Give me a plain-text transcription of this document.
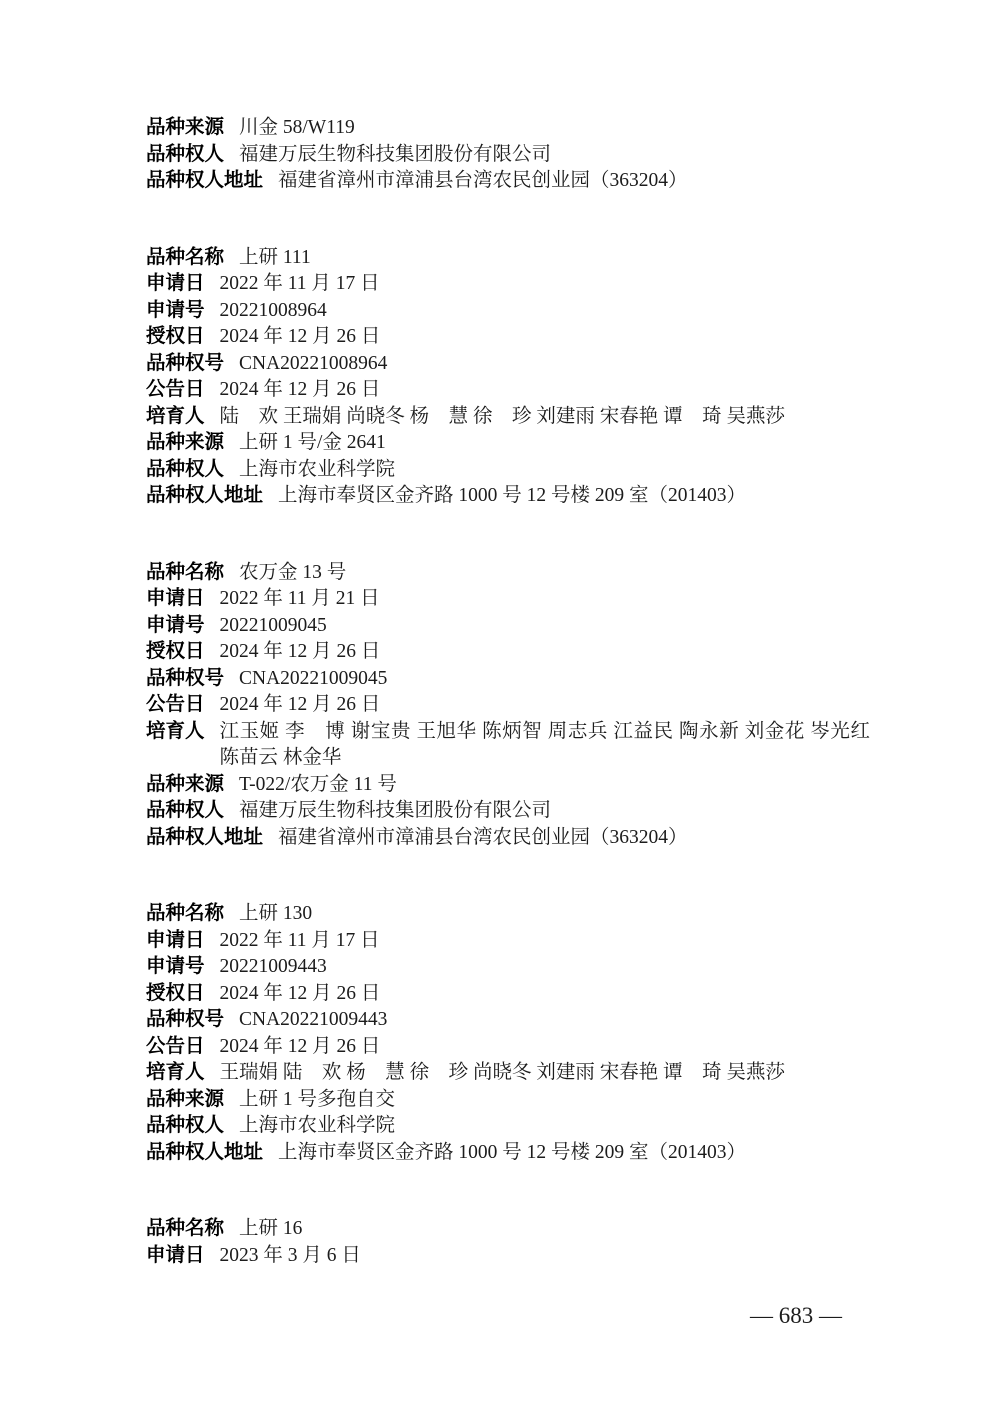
品种来源 川金 58/W119
品种权人 福建万辰生物科技集团股份有限公司
品种权人地址 福建省漳州市漳浦县台湾农民创业园（363204）
品种名称 上研 111
申请日 2022 年 11 月 17 日
申请号 20221008964
授权日 2024 年 12 月 26 日
品种权号 CNA20221008964
公告日 2024 年 12 月 26 日
培育人 陆　欢 王瑞娟 尚晓冬 杨　慧 徐　珍 刘建雨 宋春艳 谭　琦 吴燕莎
品种来源 上研 1 号/金 2641
品种权人 上海市农业科学院
品种权人地址 上海市奉贤区金齐路 1000 号 12 号楼 209 室（201403）
品种名称 农万金 13 号
申请日 2022 年 11 月 21 日
申请号 20221009045
授权日 2024 年 12 月 26 日
品种权号 CNA20221009045
公告日 2024 年 12 月 26 日
培育人 江玉姬 李　博 谢宝贵 王旭华 陈炳智 周志兵 江益民 陶永新 刘金花 岑光红 陈苗云 林金华
品种来源 T-022/农万金 11 号
品种权人 福建万辰生物科技集团股份有限公司
品种权人地址 福建省漳州市漳浦县台湾农民创业园（363204）
品种名称 上研 130
申请日 2022 年 11 月 17 日
申请号 20221009443
授权日 2024 年 12 月 26 日
品种权号 CNA20221009443
公告日 2024 年 12 月 26 日
培育人 王瑞娟 陆　欢 杨　慧 徐　珍 尚晓冬 刘建雨 宋春艳 谭　琦 吴燕莎
品种来源 上研 1 号多孢自交
品种权人 上海市农业科学院
品种权人地址 上海市奉贤区金齐路 1000 号 12 号楼 209 室（201403）
品种名称 上研 16
申请日 2023 年 3 月 6 日
— 683 —
